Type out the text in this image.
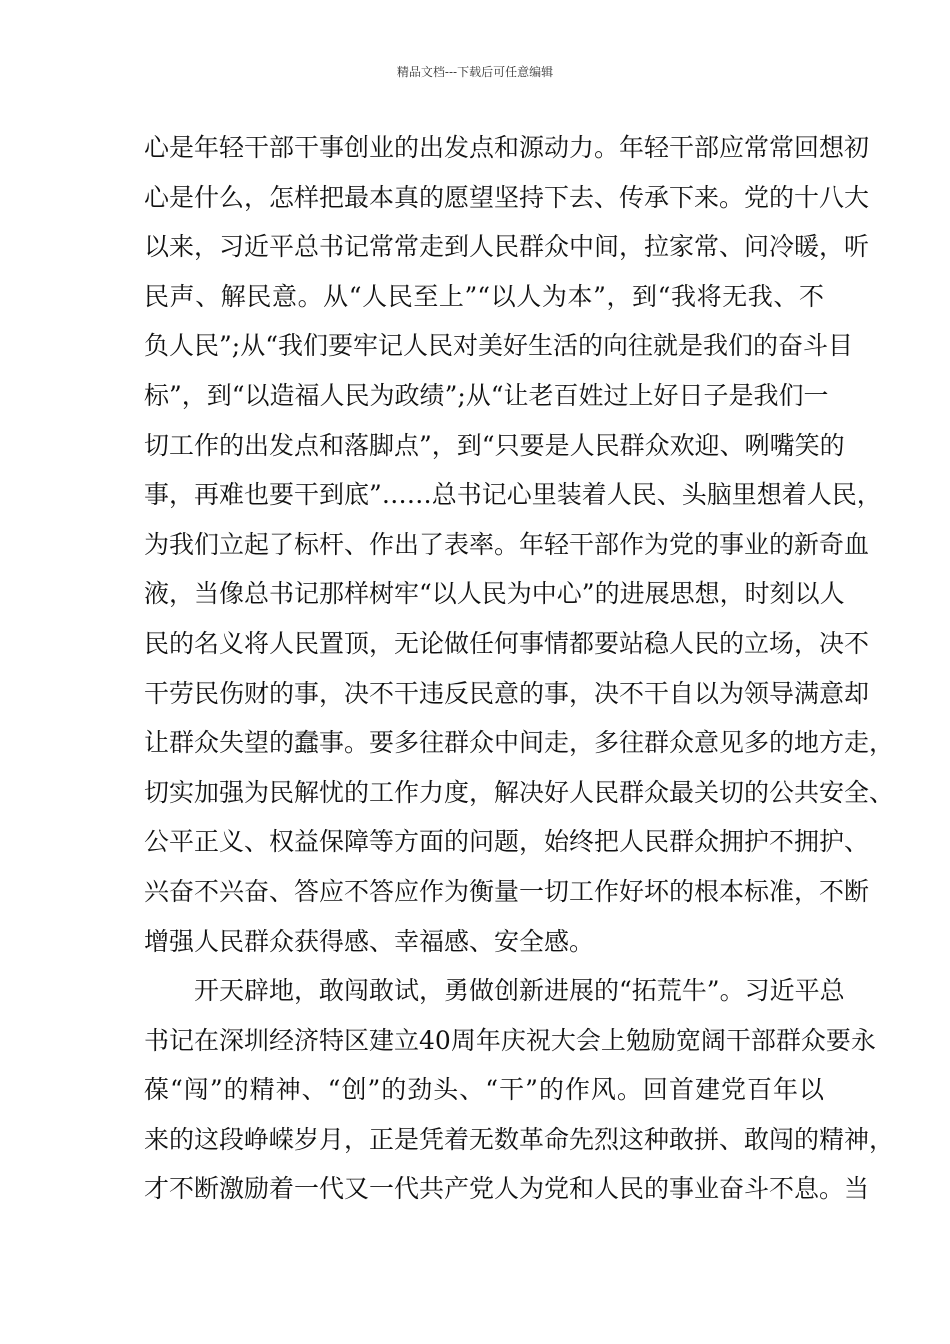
精品文档---下载后可任意编辑
心是年轻干部干事创业的出发点和源动力。年轻干部应常常回想初
心是什么，怎样把最本真的愿望坚持下去、传承下来。党的十八大
以来，习近平总书记常常走到人民群众中间，拉家常、问冷暖，听
民声、解民意。从“人民至上”“以人为本”，到“我将无我、不
负人民”;从“我们要牢记人民对美好生活的向往就是我们的奋斗目
标”，到“以造福人民为政绩”;从“让老百姓过上好日子是我们一
切工作的出发点和落脚点”，到“只要是人民群众欢迎、咧嘴笑的
事，再难也要干到底”……总书记心里装着人民、头脑里想着人民，
为我们立起了标杆、作出了表率。年轻干部作为党的事业的新奇血
液，当像总书记那样树牢“以人民为中心”的进展思想，时刻以人
民的名义将人民置顶，无论做任何事情都要站稳人民的立场，决不
干劳民伤财的事，决不干违反民意的事，决不干自以为领导满意却
让群众失望的蠢事。要多往群众中间走，多往群众意见多的地方走，
切实加强为民解忧的工作力度，解决好人民群众最关切的公共安全、
公平正义、权益保障等方面的问题，始终把人民群众拥护不拥护、
兴奋不兴奋、答应不答应作为衡量一切工作好坏的根本标准，不断
增强人民群众获得感、幸福感、安全感。
开天辟地，敢闯敢试，勇做创新进展的“拓荒牛”。习近平总
书记在深圳经济特区建立40周年庆祝大会上勉励宽阔干部群众要永
葆“闯”的精神、“创”的劲头、“干”的作风。回首建党百年以
来的这段峥嵘岁月，正是凭着无数革命先烈这种敢拼、敢闯的精神，
才不断激励着一代又一代共产党人为党和人民的事业奋斗不息。当
